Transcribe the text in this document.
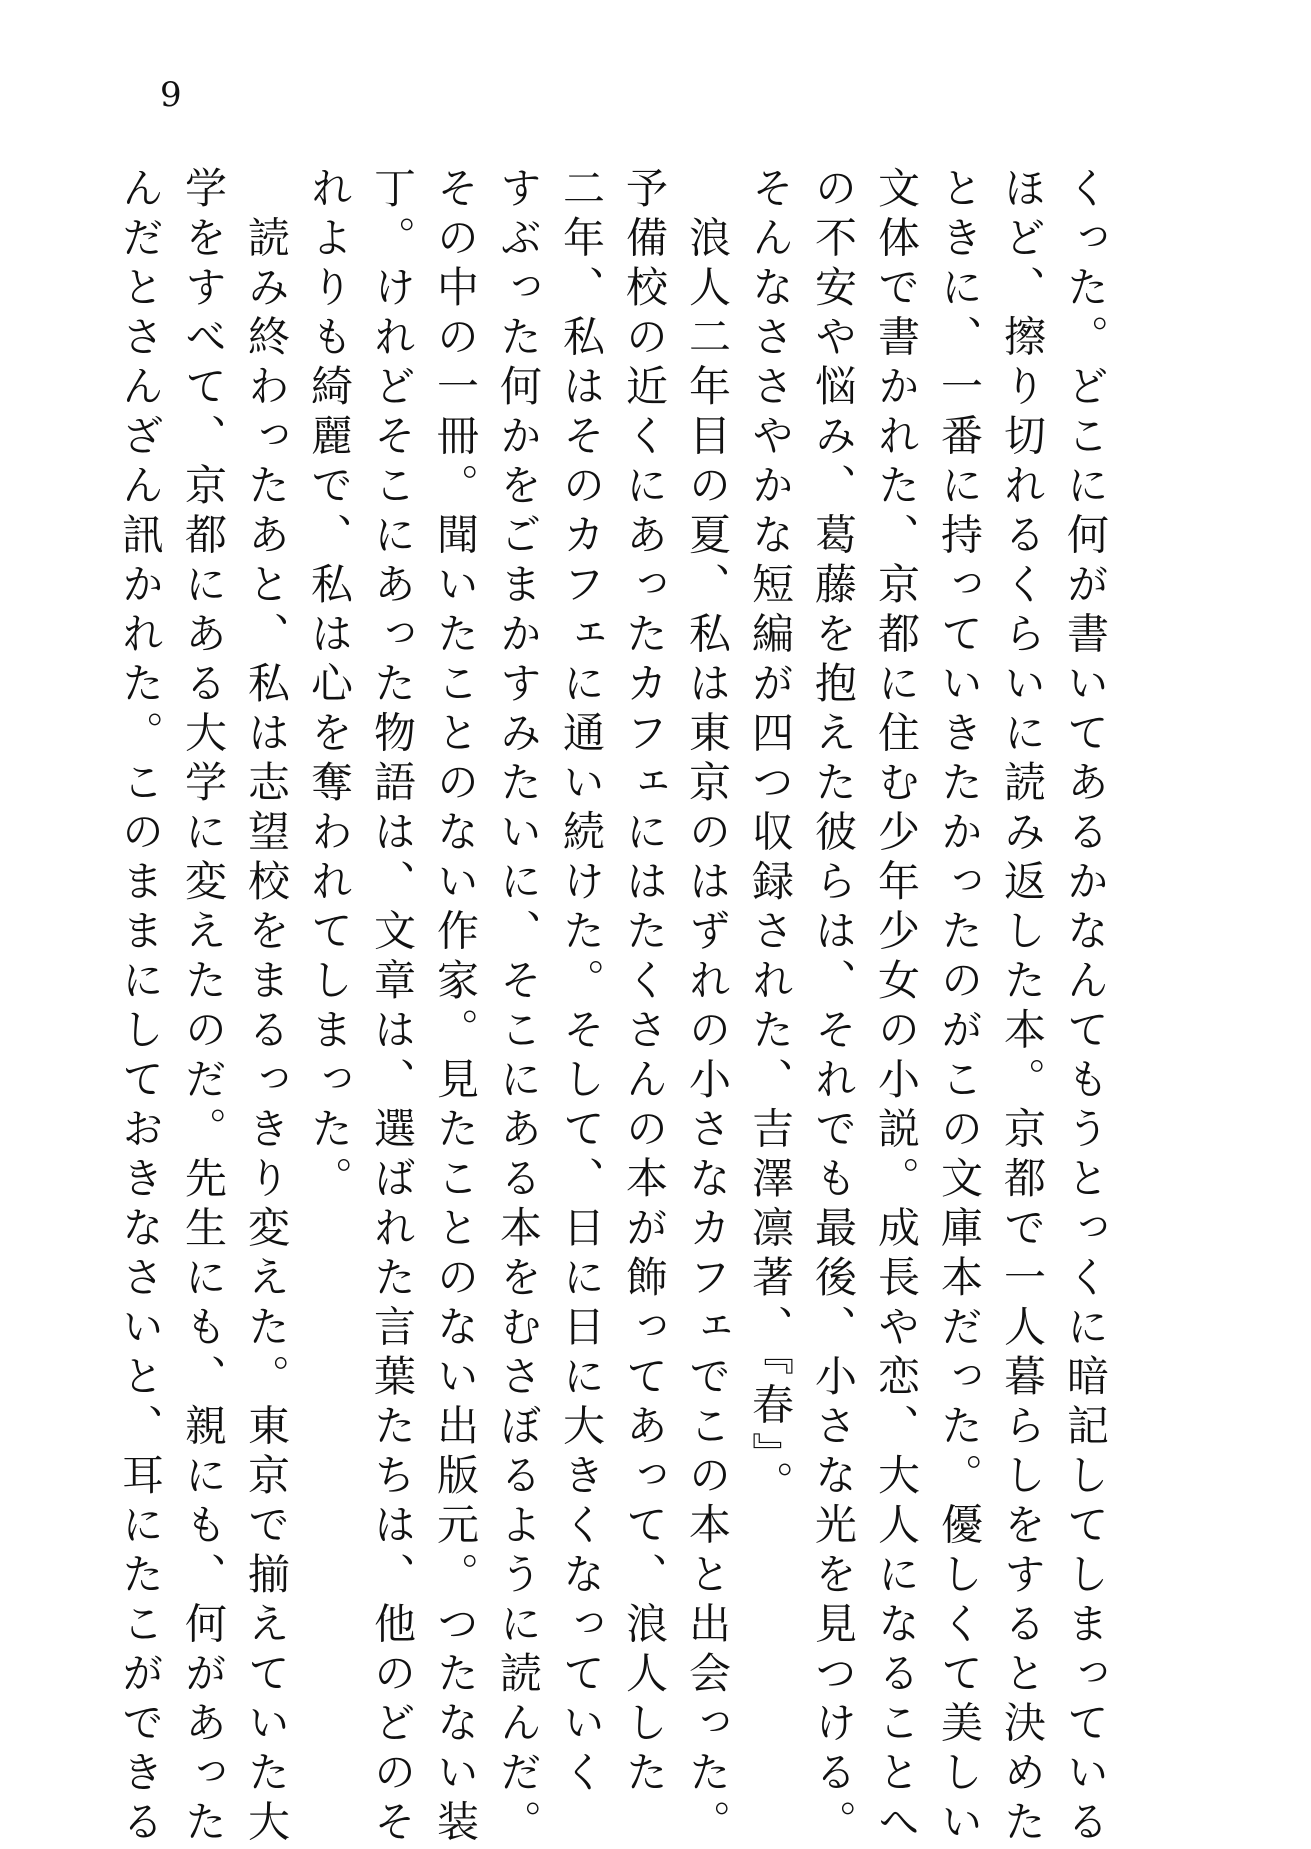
9
くった。どこに何が書いてあるかなんてもうとっくに暗記してしまっている
ほど、擦り切れるくらいに読み返した本。京都で一人暮らしをすると決めた
ときに、一番に持っていきたかったのがこの文庫本だった。優しくて美しい
文体で書かれた、京都に住む少年少女の小説。成長や恋、大人になることへ
の不安や悩み、葛藤を抱えた彼らは、それでも最後、小さな光を見つける。
そんなささやかな短編が四つ収録された、吉澤凛著、『春』。
　浪人二年目の夏、私は東京のはずれの小さなカフェでこの本と出会った。
予備校の近くにあったカフェにはたくさんの本が飾ってあって、浪人した
二年、私はそのカフェに通い続けた。そして、日に日に大きくなっていく
すぶった何かをごまかすみたいに、そこにある本をむさぼるように読んだ。
その中の一冊。聞いたことのない作家。見たことのない出版元。つたない装
丁。けれどそこにあった物語は、文章は、選ばれた言葉たちは、他のどのそ
れよりも綺麗で、私は心を奪われてしまった。
　読み終わったあと、私は志望校をまるっきり変えた。東京で揃えていた大
学をすべて、京都にある大学に変えたのだ。先生にも、親にも、何があった
んだとさんざん訊かれた。このままにしておきなさいと、耳にたこができる
